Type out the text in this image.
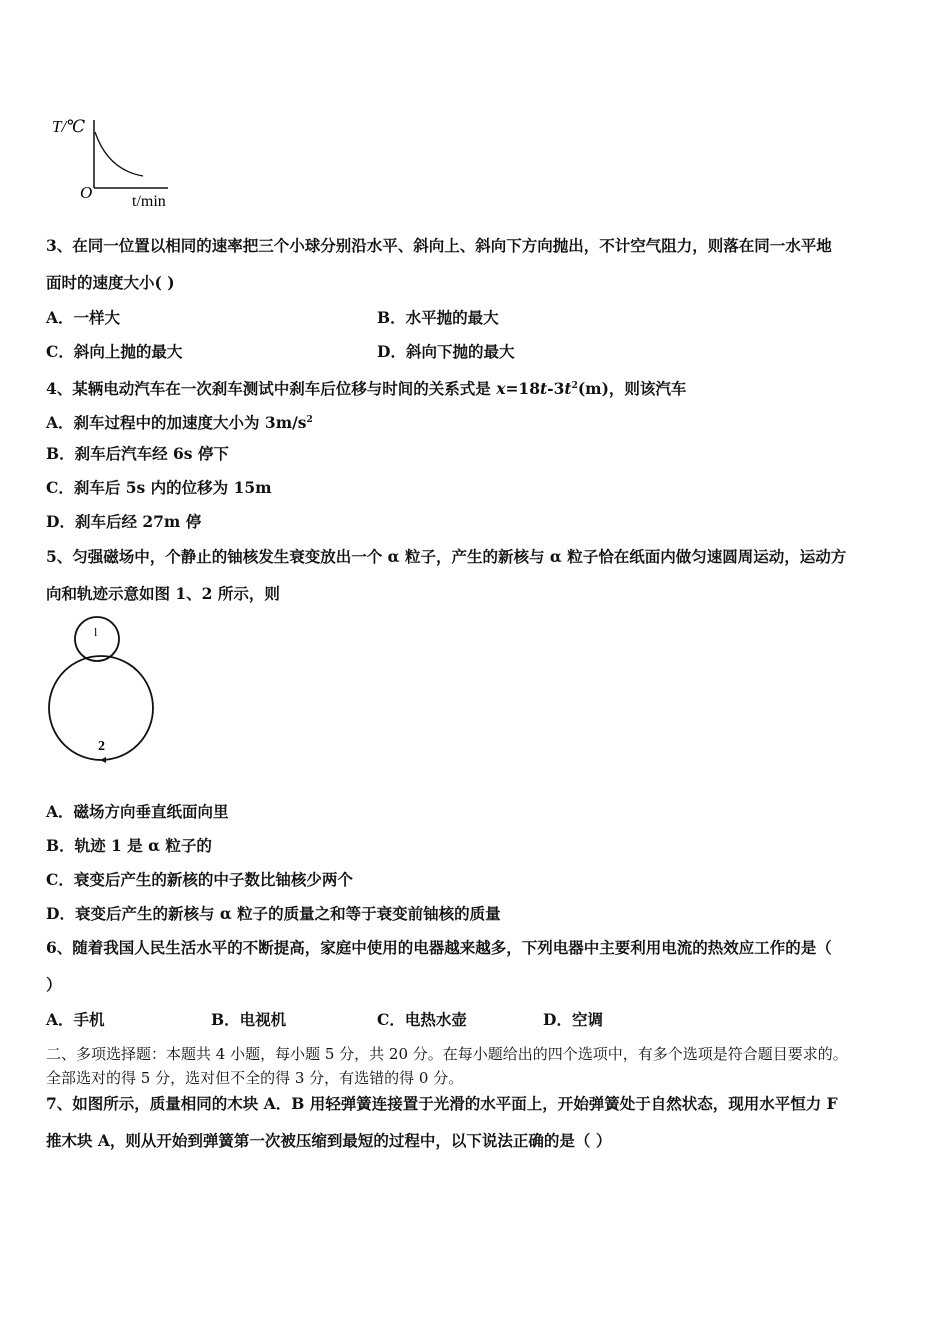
T/℃
O t/min
3、在同一位置以相同的速率把三个小球分别沿水平、斜向上、斜向下方向抛出，不计空气阻力，则落在同一水平地
面时的速度大小( )
A．一样大	B．水平抛的最大
C．斜向上抛的最大	D．斜向下抛的最大
4、某辆电动汽车在一次刹车测试中刹车后位移与时间的关系式是 $x=18t-3t^2(m)$，则该汽车
A．刹车过程中的加速度大小为 $3m/s^2$
B．刹车后汽车经 6s 停下
C．刹车后 5s 内的位移为 15m
D．刹车后经 27m 停
5、匀强磁场中，个静止的铀核发生衰变放出一个 α 粒子，产生的新核与 α 粒子恰在纸面内做匀速圆周运动，运动方
向和轨迹示意如图 1、2 所示，则
l
2
A．磁场方向垂直纸面向里
B．轨迹 1 是 α 粒子的
C．衰变后产生的新核的中子数比铀核少两个
D．衰变后产生的新核与 α 粒子的质量之和等于衰变前铀核的质量
6、随着我国人民生活水平的不断提高，家庭中使用的电器越来越多，下列电器中主要利用电流的热效应工作的是（
）
A．手机	B．电视机	C．电热水壶	D．空调
二、多项选择题：本题共 4 小题，每小题 5 分，共 20 分。在每小题给出的四个选项中，有多个选项是符合题目要求的。
全部选对的得 5 分，选对但不全的得 3 分，有选错的得 0 分。
7、如图所示，质量相同的木块 A．B 用轻弹簧连接置于光滑的水平面上，开始弹簧处于自然状态，现用水平恒力 F
推木块 A，则从开始到弹簧第一次被压缩到最短的过程中，以下说法正确的是（ ）
